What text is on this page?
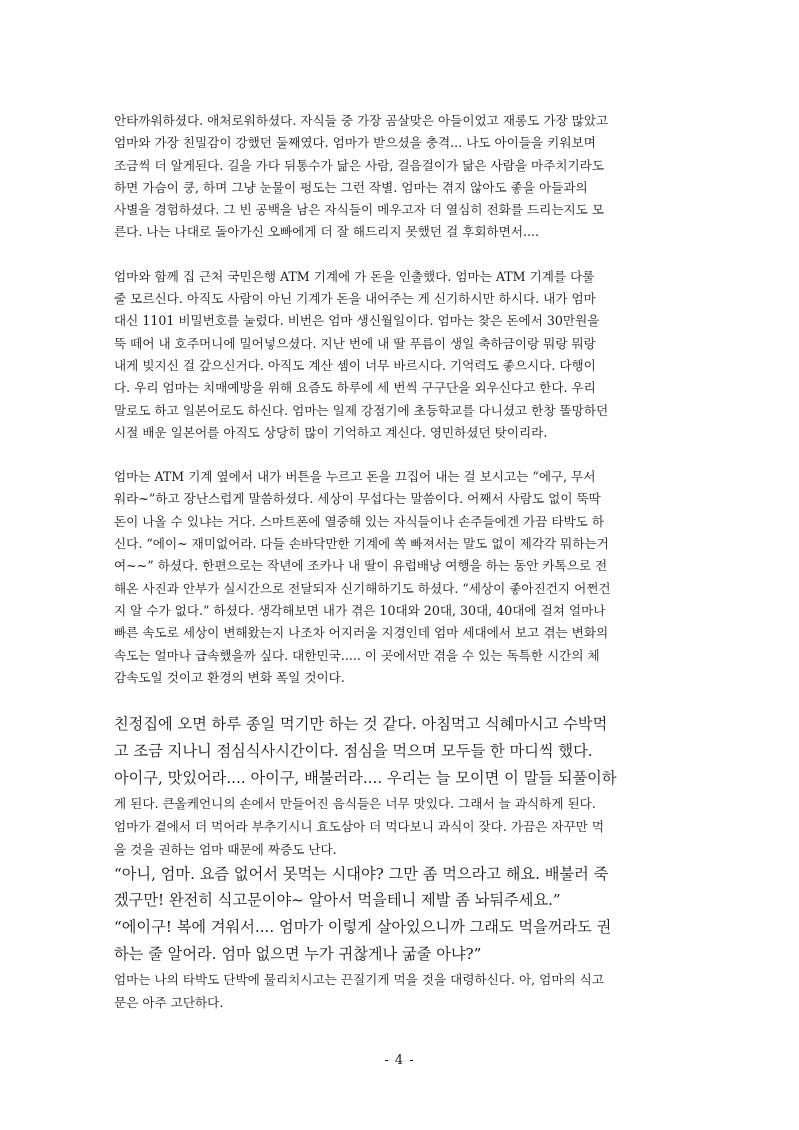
안타까워하셨다. 애처로워하셨다. 자식들 중 가장 곰살맞은 아들이었고 재롱도 가장 많았고
엄마와 가장 친밀감이 강했던 둘째였다. 엄마가 받으셨을 충격... 나도 아이들을 키워보며
조금씩 더 알게된다. 길을 가다 뒤통수가 닮은 사람, 걸음걸이가 닮은 사람을 마주치기라도
하면 가슴이 쿵, 하며 그냥 눈물이 펑도는 그런 작별. 엄마는 겪지 않아도 좋을 아들과의
사별을 경험하셨다. 그 빈 공백을 남은 자식들이 메우고자 더 열심히 전화를 드리는지도 모
른다. 나는 나대로 돌아가신 오빠에게 더 잘 해드리지 못했던 걸 후회하면서....
엄마와 함께 집 근처 국민은행 ATM 기계에 가 돈을 인출했다. 엄마는 ATM 기계를 다룰
줄 모르신다. 아직도 사람이 아닌 기계가 돈을 내어주는 게 신기하시만 하시다. 내가 엄마
대신 1101 비밀번호를 눌렀다. 비번은 엄마 생신월일이다. 엄마는 찾은 돈에서 30만원을
뚝 떼어 내 호주머니에 밀어넣으셨다. 지난 번에 내 딸 푸름이 생일 축하금이랑 뭐랑 뭐랑
내게 빚지신 걸 갚으신거다. 아직도 계산 셈이 너무 바르시다. 기억력도 좋으시다. 다행이
다. 우리 엄마는 치매예방을 위해 요즘도 하루에 세 번씩 구구단을 외우신다고 한다. 우리
말로도 하고 일본어로도 하신다. 엄마는 일제 강점기에 초등학교를 다니셨고 한창 똘망하던
시절 배운 일본어를 아직도 상당히 많이 기억하고 계신다. 영민하셨던 탓이리라.
엄마는 ATM 기계 옆에서 내가 버튼을 누르고 돈을 끄집어 내는 걸 보시고는 “에구, 무서
워라~”하고 장난스럽게 말씀하셨다. 세상이 무섭다는 말씀이다. 어째서 사람도 없이 뚝딱
돈이 나올 수 있냐는 거다. 스마트폰에 열중해 있는 자식들이나 손주들에겐 가끔 타박도 하
신다. “에이~ 재미없어라. 다들 손바닥만한 기계에 쏙 빠져서는 말도 없이 제각각 뭐하는거
여~~” 하셨다. 한편으로는 작년에 조카나 내 딸이 유럽배낭 여행을 하는 동안 카톡으로 전
해온 사진과 안부가 실시간으로 전달되자 신기해하기도 하셨다. “세상이 좋아진건지 어쩐건
지 알 수가 없다.” 하셨다. 생각해보면 내가 겪은 10대와 20대, 30대, 40대에 걸쳐 얼마나
빠른 속도로 세상이 변해왔는지 나조차 어지러울 지경인데 엄마 세대에서 보고 겪는 변화의
속도는 얼마나 급속했을까 싶다. 대한민국..... 이 곳에서만 겪을 수 있는 독특한 시간의 체
감속도일 것이고 환경의 변화 폭일 것이다.
친정집에 오면 하루 종일 먹기만 하는 것 같다. 아침먹고 식혜마시고 수박먹
고 조금 지나니 점심식사시간이다. 점심을 먹으며 모두들 한 마디씩 했다.
아이구, 맛있어라.... 아이구, 배불러라.... 우리는 늘 모이면 이 말들 되풀이하
게 된다. 큰올케언니의 손에서 만들어진 음식들은 너무 맛있다. 그래서 늘 과식하게 된다.
엄마가 곁에서 더 먹어라 부추기시니 효도삼아 더 먹다보니 과식이 잦다. 가끔은 자꾸만 먹
을 것을 권하는 엄마 때문에 짜증도 난다.
“아니, 엄마. 요즘 없어서 못먹는 시대야? 그만 좀 먹으라고 해요. 배불러 죽
겠구만! 완전히 식고문이야~ 알아서 먹을테니 제발 좀 놔둬주세요.”
“에이구! 복에 겨워서.... 엄마가 이렇게 살아있으니까 그래도 먹을꺼라도 권
하는 줄 알어라. 엄마 없으면 누가 귀찮게나 굶줄 아냐?”
엄마는 나의 타박도 단박에 물리치시고는 끈질기게 먹을 것을 대령하신다. 아, 엄마의 식고
문은 아주 고단하다.
- 4 -
